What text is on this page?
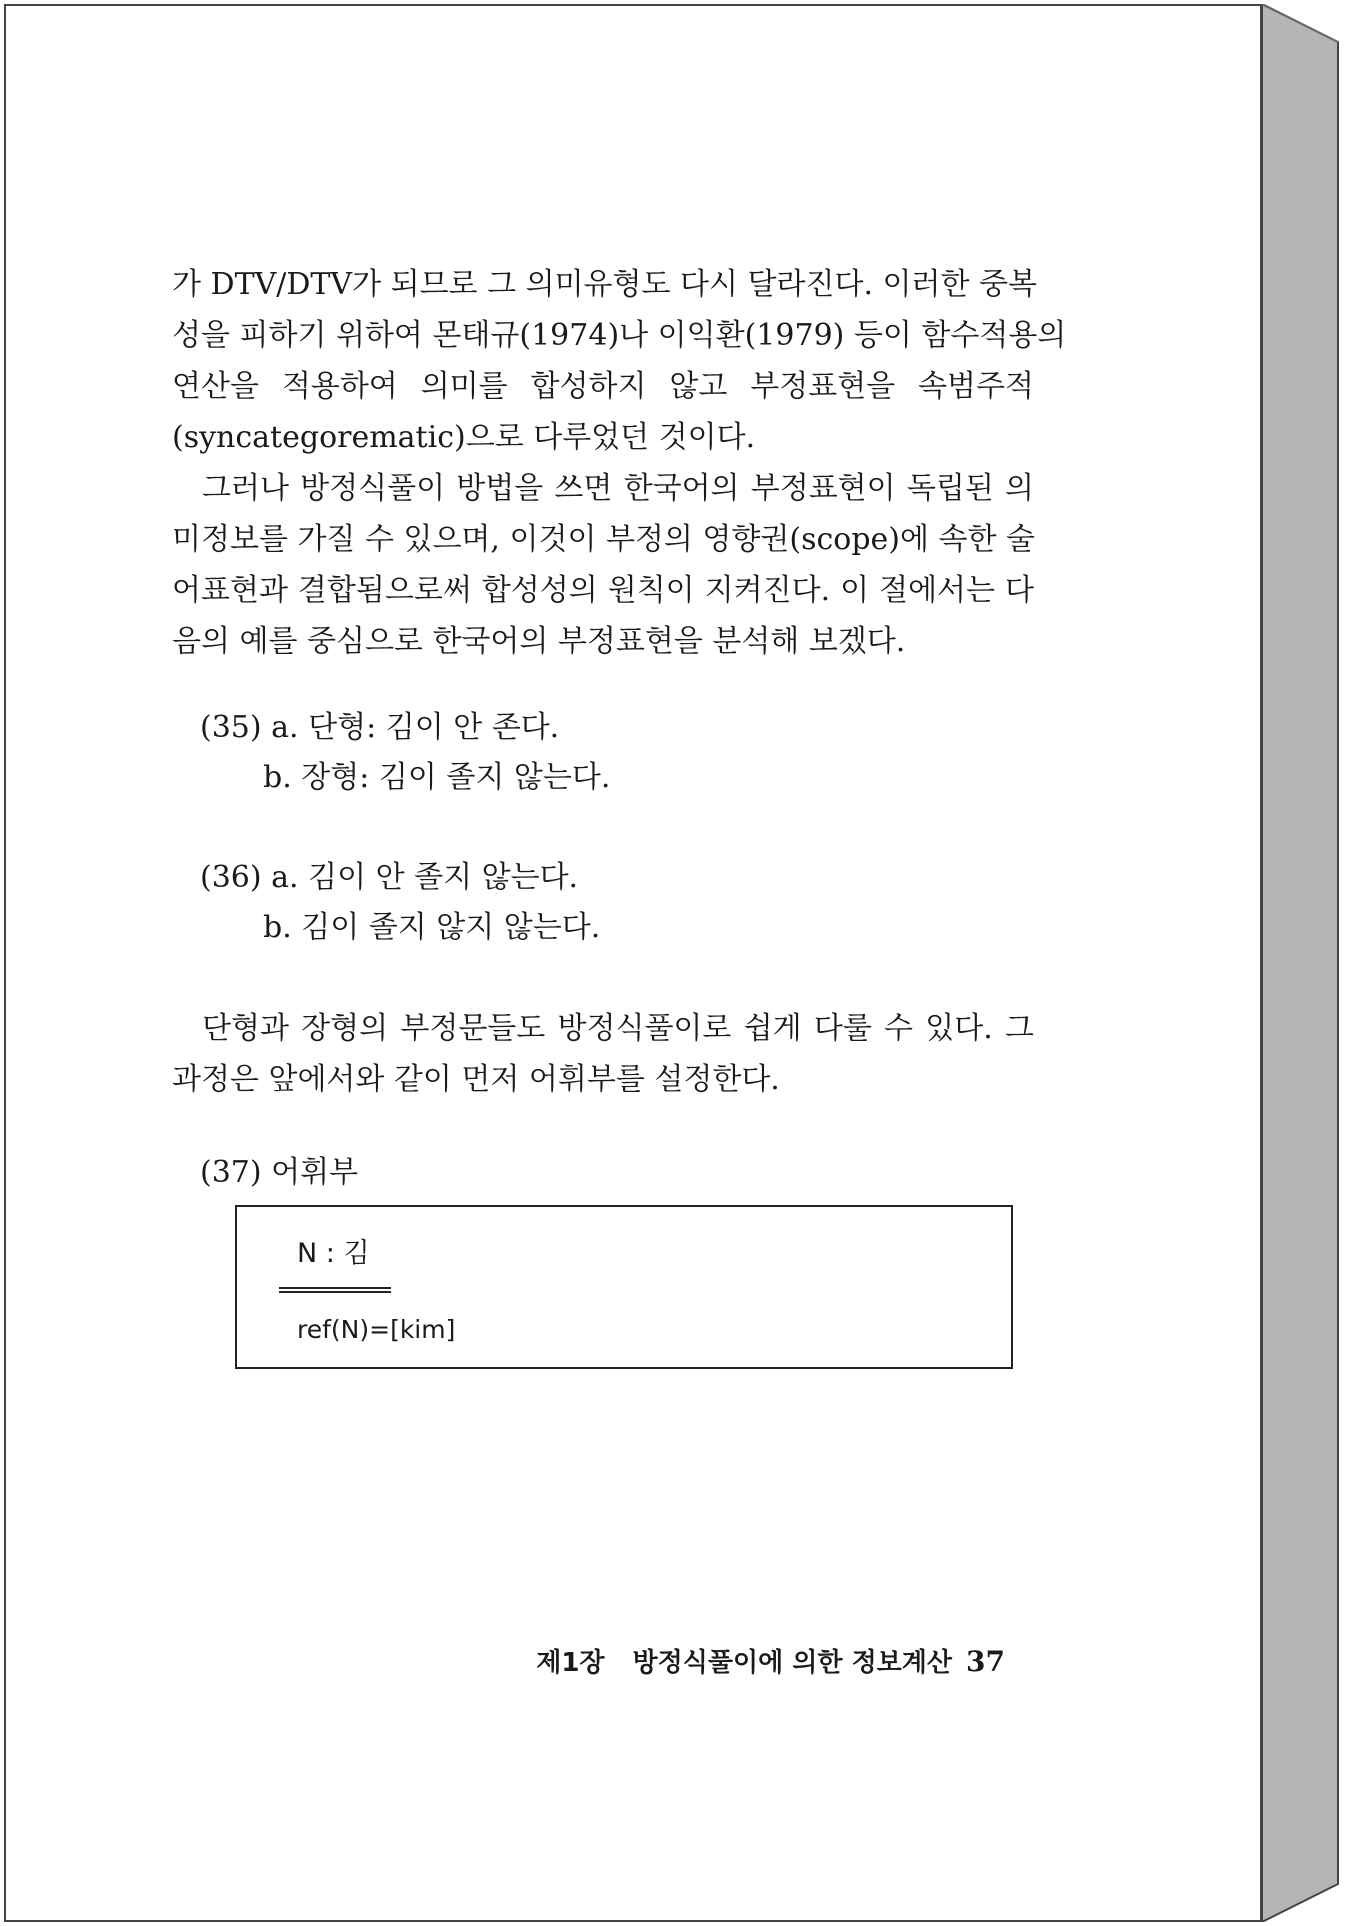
가 DTV/DTV가 되므로 그 의미유형도 다시 달라진다. 이러한 중복
성을 피하기 위하여 몬태규(1974)나 이익환(1979) 등이 함수적용의
연산을 적용하여 의미를 합성하지 않고 부정표현을 속범주적
(syncategorematic)으로 다루었던 것이다.
그러나 방정식풀이 방법을 쓰면 한국어의 부정표현이 독립된 의
미정보를 가질 수 있으며, 이것이 부정의 영향권(scope)에 속한 술
어표현과 결합됨으로써 합성성의 원칙이 지켜진다. 이 절에서는 다
음의 예를 중심으로 한국어의 부정표현을 분석해 보겠다.
(35) a. 단형: 김이 안 존다.
b. 장형: 김이 졸지 않는다.
(36) a. 김이 안 졸지 않는다.
b. 김이 졸지 않지 않는다.
단형과 장형의 부정문들도 방정식풀이로 쉽게 다룰 수 있다. 그
과정은 앞에서와 같이 먼저 어휘부를 설정한다.
(37) 어휘부
N : 김
ref(N)=[kim]
제1장 방정식풀이에 의한 정보계산 37
